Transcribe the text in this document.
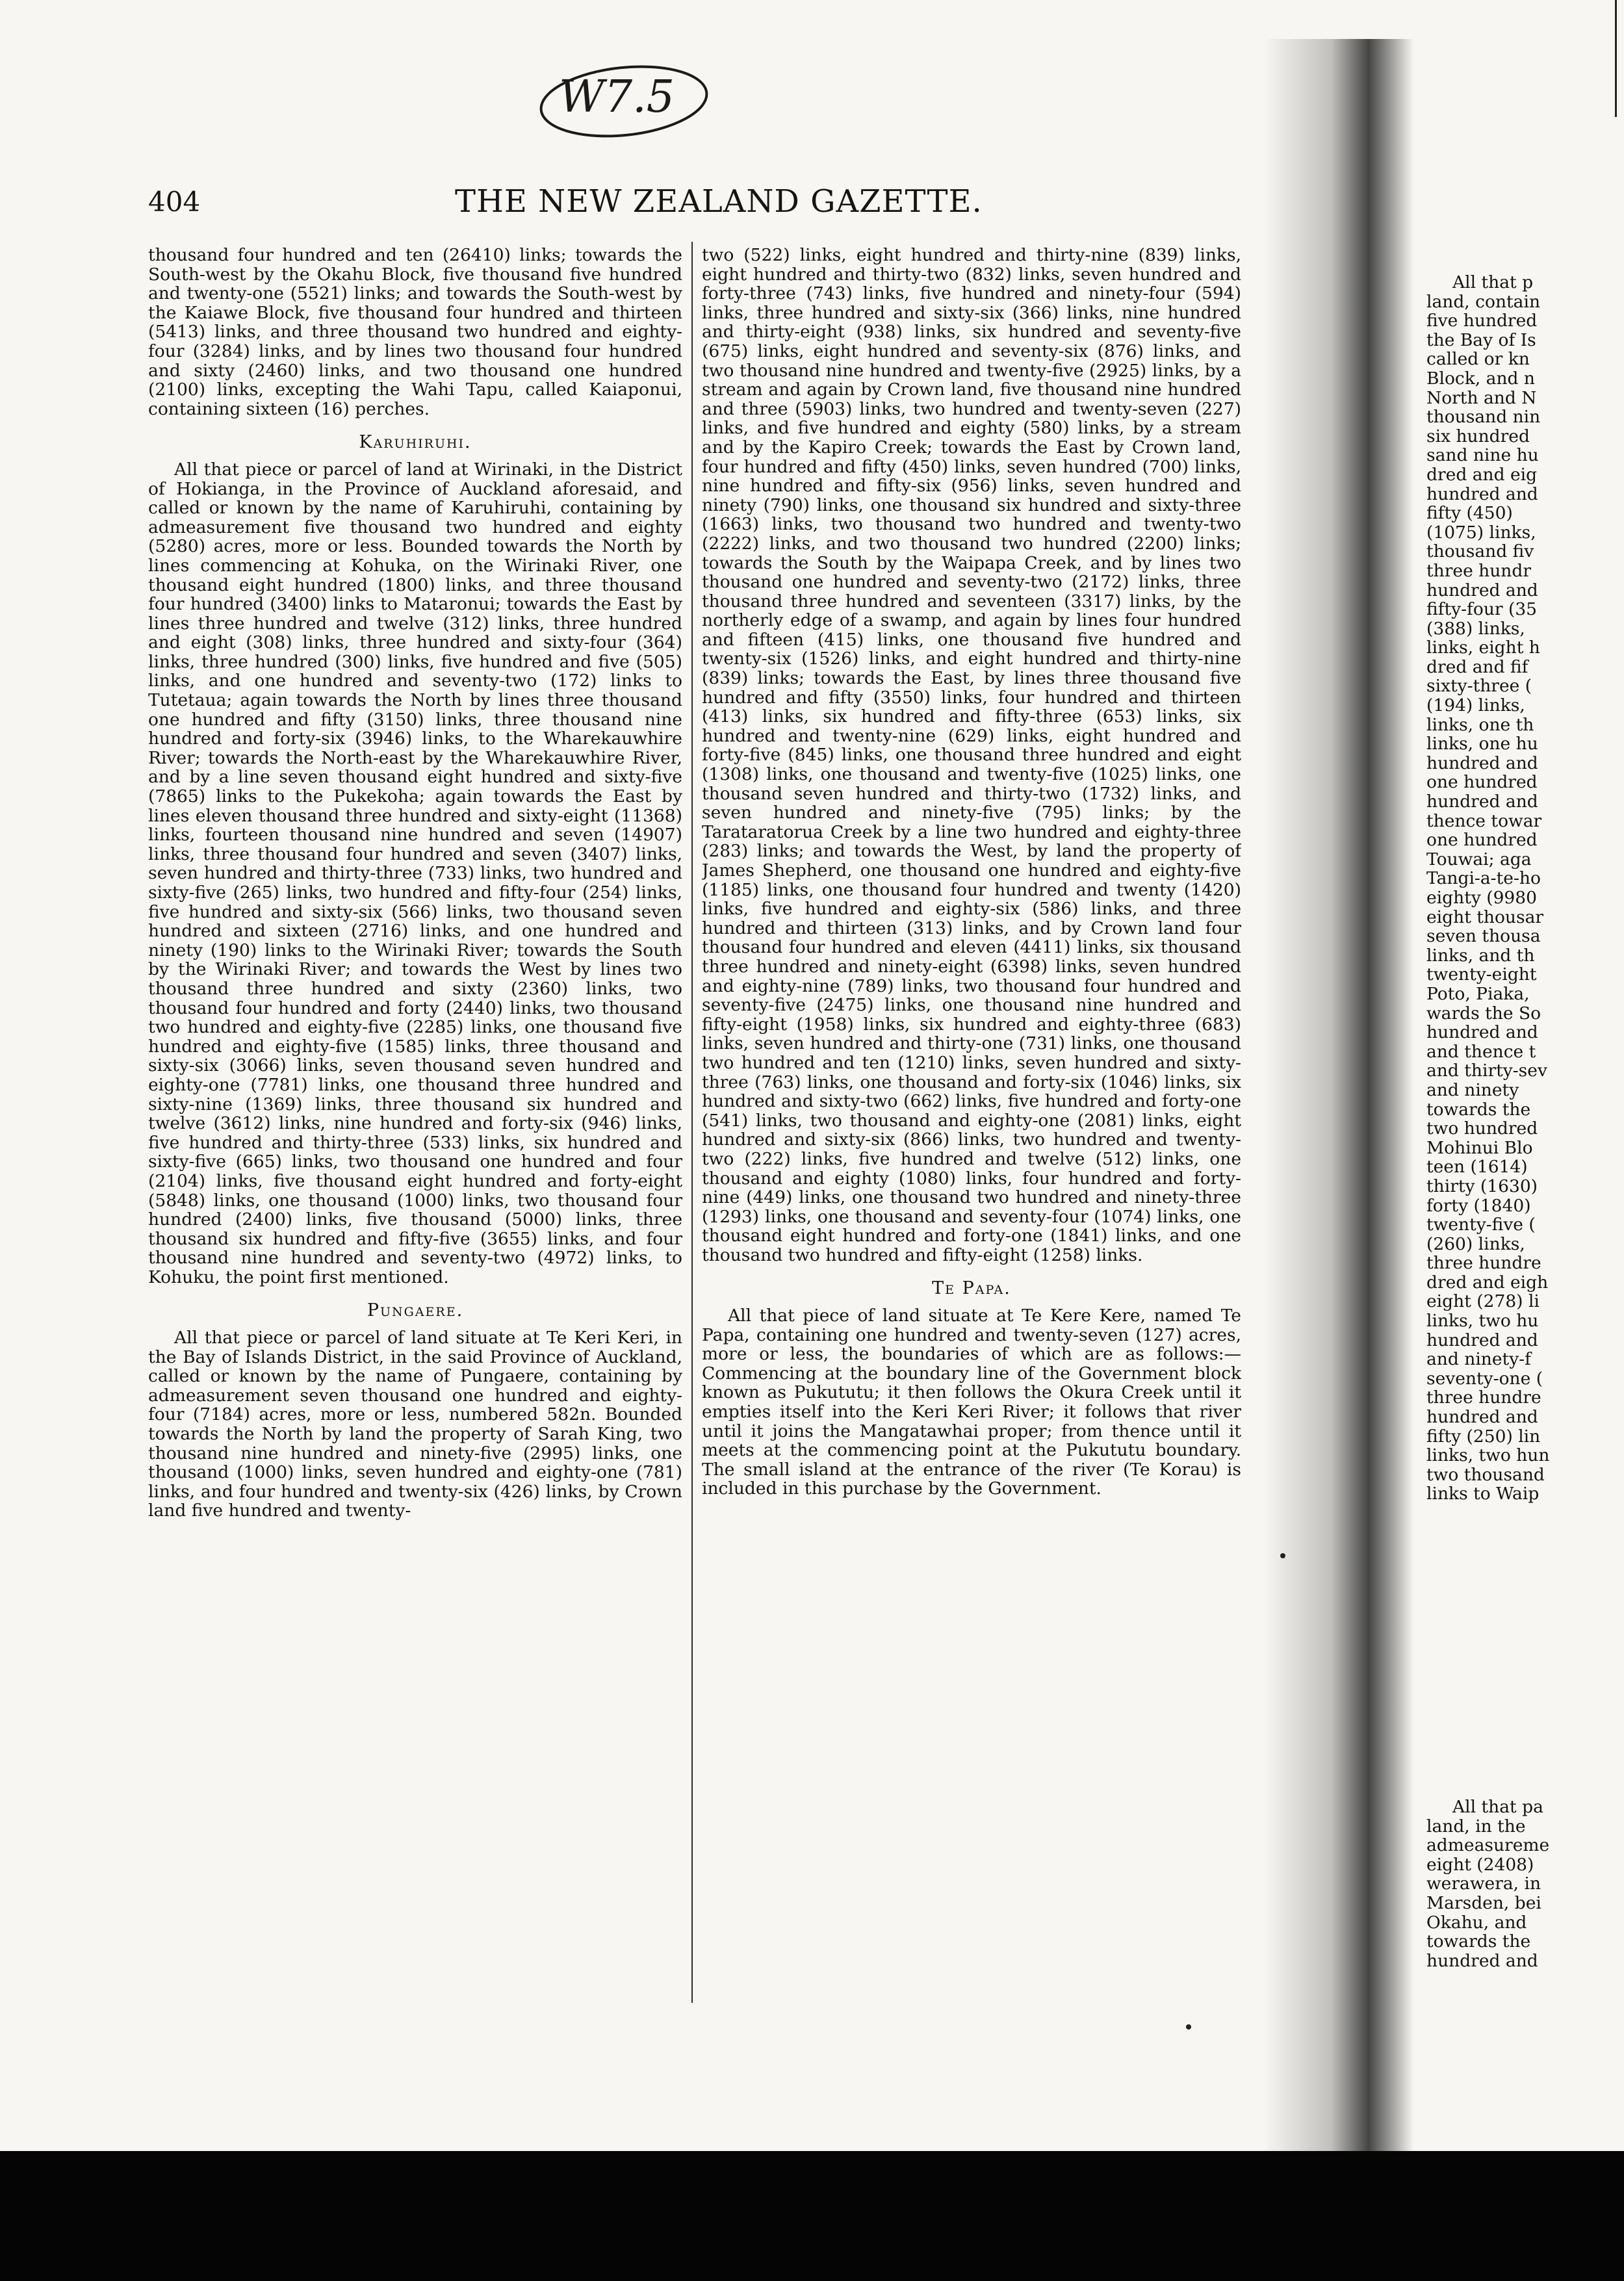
W7.5
404	THE NEW ZEALAND GAZETTE.

thousand four hundred and ten (26410) links; towards the South-west by the Okahu Block, five thousand five hundred and twenty-one (5521) links; and towards the South-west by the Kaiawe Block, five thousand four hundred and thirteen (5413) links, and three thousand two hundred and eighty-four (3284) links, and by lines two thousand four hundred and sixty (2460) links, and two thousand one hundred (2100) links, excepting the Wahi Tapu, called Kaiaponui, containing sixteen (16) perches.

Karuhiruhi.

All that piece or parcel of land at Wirinaki, in the District of Hokianga, in the Province of Auckland aforesaid, and called or known by the name of Karuhiruhi, containing by admeasurement five thousand two hundred and eighty (5280) acres, more or less. Bounded towards the North by lines commencing at Kohuka, on the Wirinaki River, one thousand eight hundred (1800) links, and three thousand four hundred (3400) links to Mataronui; towards the East by lines three hundred and twelve (312) links, three hundred and eight (308) links, three hundred and sixty-four (364) links, three hundred (300) links, five hundred and five (505) links, and one hundred and seventy-two (172) links to Tutetaua; again towards the North by lines three thousand one hundred and fifty (3150) links, three thousand nine hundred and forty-six (3946) links, to the Wharekauwhire River; towards the North-east by the Wharekauwhire River, and by a line seven thousand eight hundred and sixty-five (7865) links to the Pukekoha; again towards the East by lines eleven thousand three hundred and sixty-eight (11368) links, fourteen thousand nine hundred and seven (14907) links, three thousand four hundred and seven (3407) links, seven hundred and thirty-three (733) links, two hundred and sixty-five (265) links, two hundred and fifty-four (254) links, five hundred and sixty-six (566) links, two thousand seven hundred and sixteen (2716) links, and one hundred and ninety (190) links to the Wirinaki River; towards the South by the Wirinaki River; and towards the West by lines two thousand three hundred and sixty (2360) links, two thousand four hundred and forty (2440) links, two thousand two hundred and eighty-five (2285) links, one thousand five hundred and eighty-five (1585) links, three thousand and sixty-six (3066) links, seven thousand seven hundred and eighty-one (7781) links, one thousand three hundred and sixty-nine (1369) links, three thousand six hundred and twelve (3612) links, nine hundred and forty-six (946) links, five hundred and thirty-three (533) links, six hundred and sixty-five (665) links, two thousand one hundred and four (2104) links, five thousand eight hundred and forty-eight (5848) links, one thousand (1000) links, two thousand four hundred (2400) links, five thousand (5000) links, three thousand six hundred and fifty-five (3655) links, and four thousand nine hundred and seventy-two (4972) links, to Kohuku, the point first mentioned.

Pungaere.

All that piece or parcel of land situate at Te Keri Keri, in the Bay of Islands District, in the said Province of Auckland, called or known by the name of Pungaere, containing by admeasurement seven thousand one hundred and eighty-four (7184) acres, more or less, numbered 582n. Bounded towards the North by land the property of Sarah King, two thousand nine hundred and ninety-five (2995) links, one thousand (1000) links, seven hundred and eighty-one (781) links, and four hundred and twenty-six (426) links, by Crown land five hundred and twenty-

two (522) links, eight hundred and thirty-nine (839) links, eight hundred and thirty-two (832) links, seven hundred and forty-three (743) links, five hundred and ninety-four (594) links, three hundred and sixty-six (366) links, nine hundred and thirty-eight (938) links, six hundred and seventy-five (675) links, eight hundred and seventy-six (876) links, and two thousand nine hundred and twenty-five (2925) links, by a stream and again by Crown land, five thousand nine hundred and three (5903) links, two hundred and twenty-seven (227) links, and five hundred and eighty (580) links, by a stream and by the Kapiro Creek; towards the East by Crown land, four hundred and fifty (450) links, seven hundred (700) links, nine hundred and fifty-six (956) links, seven hundred and ninety (790) links, one thousand six hundred and sixty-three (1663) links, two thousand two hundred and twenty-two (2222) links, and two thousand two hundred (2200) links; towards the South by the Waipapa Creek, and by lines two thousand one hundred and seventy-two (2172) links, three thousand three hundred and seventeen (3317) links, by the northerly edge of a swamp, and again by lines four hundred and fifteen (415) links, one thousand five hundred and twenty-six (1526) links, and eight hundred and thirty-nine (839) links; towards the East, by lines three thousand five hundred and fifty (3550) links, four hundred and thirteen (413) links, six hundred and fifty-three (653) links, six hundred and twenty-nine (629) links, eight hundred and forty-five (845) links, one thousand three hundred and eight (1308) links, one thousand and twenty-five (1025) links, one thousand seven hundred and thirty-two (1732) links, and seven hundred and ninety-five (795) links; by the Tarataratorua Creek by a line two hundred and eighty-three (283) links; and towards the West, by land the property of James Shepherd, one thousand one hundred and eighty-five (1185) links, one thousand four hundred and twenty (1420) links, five hundred and eighty-six (586) links, and three hundred and thirteen (313) links, and by Crown land four thousand four hundred and eleven (4411) links, six thousand three hundred and ninety-eight (6398) links, seven hundred and eighty-nine (789) links, two thousand four hundred and seventy-five (2475) links, one thousand nine hundred and fifty-eight (1958) links, six hundred and eighty-three (683) links, seven hundred and thirty-one (731) links, one thousand two hundred and ten (1210) links, seven hundred and sixty-three (763) links, one thousand and forty-six (1046) links, six hundred and sixty-two (662) links, five hundred and forty-one (541) links, two thousand and eighty-one (2081) links, eight hundred and sixty-six (866) links, two hundred and twenty-two (222) links, five hundred and twelve (512) links, one thousand and eighty (1080) links, four hundred and forty-nine (449) links, one thousand two hundred and ninety-three (1293) links, one thousand and seventy-four (1074) links, one thousand eight hundred and forty-one (1841) links, and one thousand two hundred and fifty-eight (1258) links.

Te Papa.

All that piece of land situate at Te Kere Kere, named Te Papa, containing one hundred and twenty-seven (127) acres, more or less, the boundaries of which are as follows:—Commencing at the boundary line of the Government block known as Pukututu; it then follows the Okura Creek until it empties itself into the Keri Keri River; it follows that river until it joins the Mangatawhai proper; from thence until it meets at the commencing point at the Pukututu boundary. The small island at the entrance of the river (Te Korau) is included in this purchase by the Government.

All that p
land, contain
five hundred
the Bay of Is
called or kn
Block, and n
North and N
thousand nin
six hundred
sand nine hu
dred and eig
hundred and
fifty (450)
(1075) links,
thousand fiv
three hundr
hundred and
fifty-four (35
(388) links,
links, eight h
dred and fif
sixty-three (
(194) links,
links, one th
links, one hu
hundred and
one hundred
hundred and
thence towar
one hundred
Touwai; aga
Tangi-a-te-ho
eighty (9980
eight thousar
seven thousa
links, and th
twenty-eight
Poto, Piaka,
wards the So
hundred and
and thence t
and thirty-sev
and ninety
towards the
two hundred
Mohinui Blo
teen (1614)
thirty (1630)
forty (1840)
twenty-five (
(260) links,
three hundre
dred and eigh
eight (278) li
links, two hu
hundred and
and ninety-f
seventy-one (
three hundre
hundred and
fifty (250) lin
links, two hun
two thousand
links to Waip
All that pa
land, in the
admeasureme
eight (2408)
werawera, in
Marsden, bei
Okahu, and
towards the
hundred and
